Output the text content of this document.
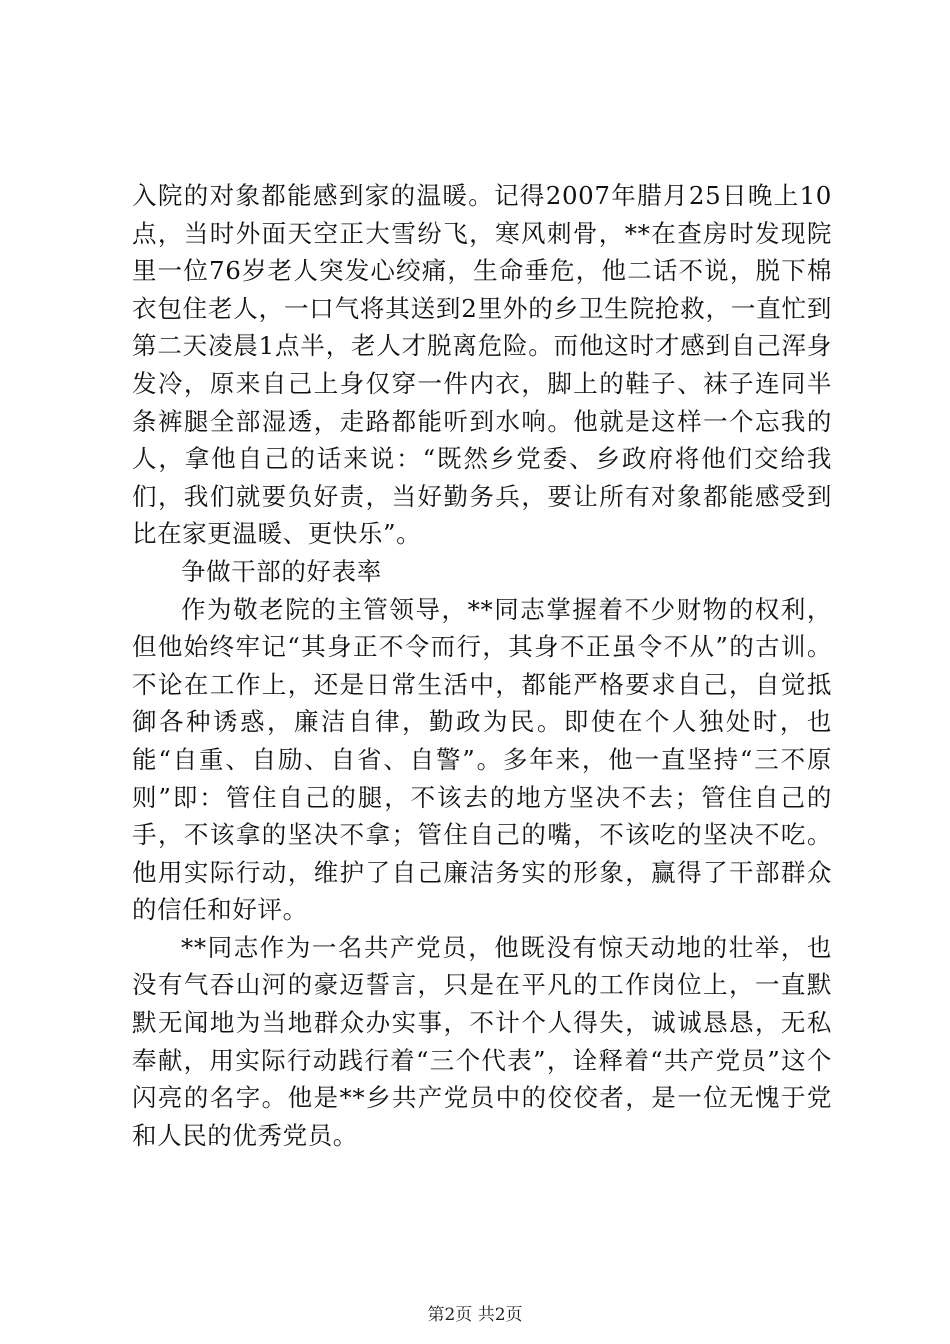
入院的对象都能感到家的温暖。记得2007年腊月25日晚上10点，当时外面天空正大雪纷飞，寒风刺骨，**在查房时发现院里一位76岁老人突发心绞痛，生命垂危，他二话不说，脱下棉衣包住老人，一口气将其送到2里外的乡卫生院抢救，一直忙到第二天凌晨1点半，老人才脱离危险。而他这时才感到自己浑身发冷，原来自己上身仅穿一件内衣，脚上的鞋子、袜子连同半条裤腿全部湿透，走路都能听到水响。他就是这样一个忘我的人，拿他自己的话来说：“既然乡党委、乡政府将他们交给我们，我们就要负好责，当好勤务兵，要让所有对象都能感受到比在家更温暖、更快乐”。

争做干部的好表率

作为敬老院的主管领导，**同志掌握着不少财物的权利，但他始终牢记“其身正不令而行，其身不正虽令不从”的古训。不论在工作上，还是日常生活中，都能严格要求自己，自觉抵御各种诱惑，廉洁自律，勤政为民。即使在个人独处时，也能“自重、自励、自省、自警”。多年来，他一直坚持“三不原则”即：管住自己的腿，不该去的地方坚决不去；管住自己的手，不该拿的坚决不拿；管住自己的嘴，不该吃的坚决不吃。他用实际行动，维护了自己廉洁务实的形象，赢得了干部群众的信任和好评。

**同志作为一名共产党员，他既没有惊天动地的壮举，也没有气吞山河的豪迈誓言，只是在平凡的工作岗位上，一直默默无闻地为当地群众办实事，不计个人得失，诚诚恳恳，无私奉献，用实际行动践行着“三个代表”，诠释着“共产党员”这个闪亮的名字。他是**乡共产党员中的佼佼者，是一位无愧于党和人民的优秀党员。

第2页 共2页
